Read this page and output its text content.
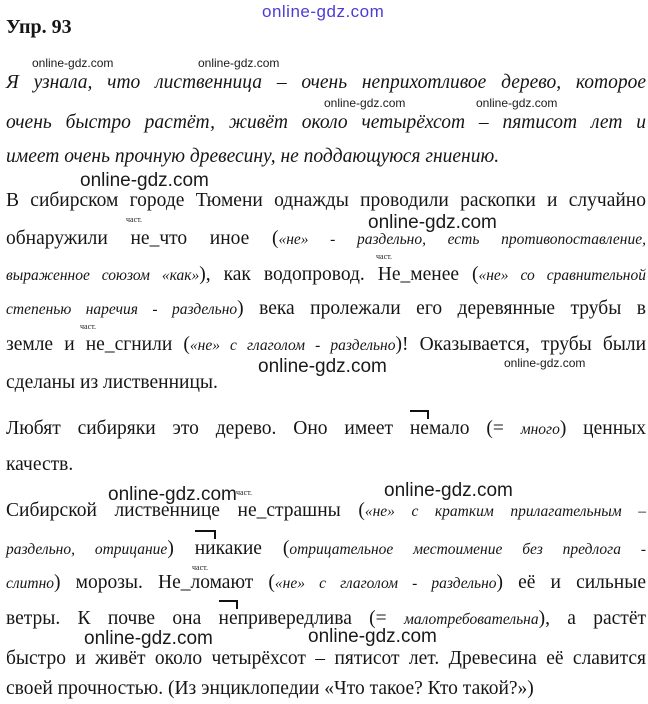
online-gdz.com
online-gdz.com	online-gdz.com
online-gdz.com	online-gdz.com
online-gdz.com
online-gdz.com
online-gdz.com	online-gdz.com
online-gdz.com	online-gdz.com
online-gdz.com	online-gdz.com
Упр. 93
Я узнала, что лиственница – очень неприхотливое дерево, которое
очень быстро растёт, живёт около четырёхсот – пятисот лет и
имеет очень прочную древесину, не поддающуюся гниению.
В сибирском городе Тюмени однажды проводили раскопки и случайно
част.
обнаружили не_что иное («не» - раздельно, есть противопоставление,
част.
выраженное союзом «как»), как водопровод. Не_менее («не» со сравнительной
степенью наречия - раздельно) века пролежали его деревянные трубы в
част.
земле и не_сгнили («не» с глаголом - раздельно)! Оказывается, трубы были
сделаны из лиственницы.
Любят сибиряки это дерево. Оно имеет немало (= много) ценных
качеств.
част.
Сибирской лиственнице не_страшны («не» с кратким прилагательным –
раздельно, отрицание) никакие (отрицательное местоимение без предлога -
част.
слитно) морозы. Не_ломают («не» с глаголом - раздельно) её и сильные
ветры. К почве она непривередлива (= малотребовательна), а растёт
быстро и живёт около четырёхсот – пятисот лет. Древесина её славится
своей прочностью. (Из энциклопедии «Что такое? Кто такой?»)
